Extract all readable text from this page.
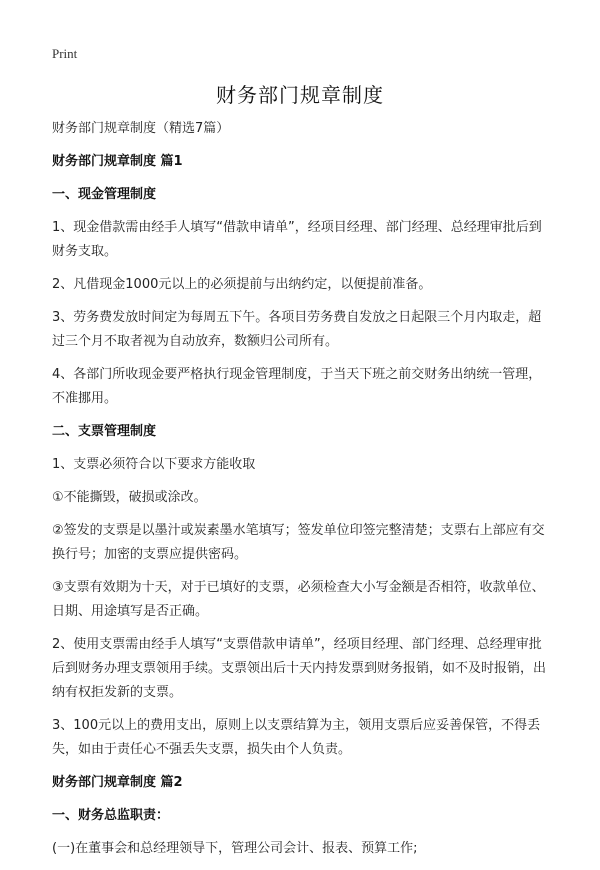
Print
财务部门规章制度
财务部门规章制度（精选7篇）
财务部门规章制度 篇1
一、现金管理制度
1、现金借款需由经手人填写“借款申请单”，经项目经理、部门经理、总经理审批后到财务支取。
2、凡借现金1000元以上的必须提前与出纳约定，以便提前准备。
3、劳务费发放时间定为每周五下午。各项目劳务费自发放之日起限三个月内取走，超过三个月不取者视为自动放弃，数额归公司所有。
4、各部门所收现金要严格执行现金管理制度，于当天下班之前交财务出纳统一管理，不准挪用。
二、支票管理制度
1、支票必须符合以下要求方能收取
①不能撕毁，破损或涂改。
②签发的支票是以墨汁或炭素墨水笔填写；签发单位印签完整清楚；支票右上部应有交换行号；加密的支票应提供密码。
③支票有效期为十天，对于已填好的支票，必须检查大小写金额是否相符，收款单位、日期、用途填写是否正确。
2、使用支票需由经手人填写“支票借款申请单”，经项目经理、部门经理、总经理审批后到财务办理支票领用手续。支票领出后十天内持发票到财务报销，如不及时报销，出纳有权拒发新的支票。
3、100元以上的费用支出，原则上以支票结算为主，领用支票后应妥善保管，不得丢失，如由于责任心不强丢失支票，损失由个人负责。
财务部门规章制度 篇2
一、财务总监职责：
(一)在董事会和总经理领导下，管理公司会计、报表、预算工作;
